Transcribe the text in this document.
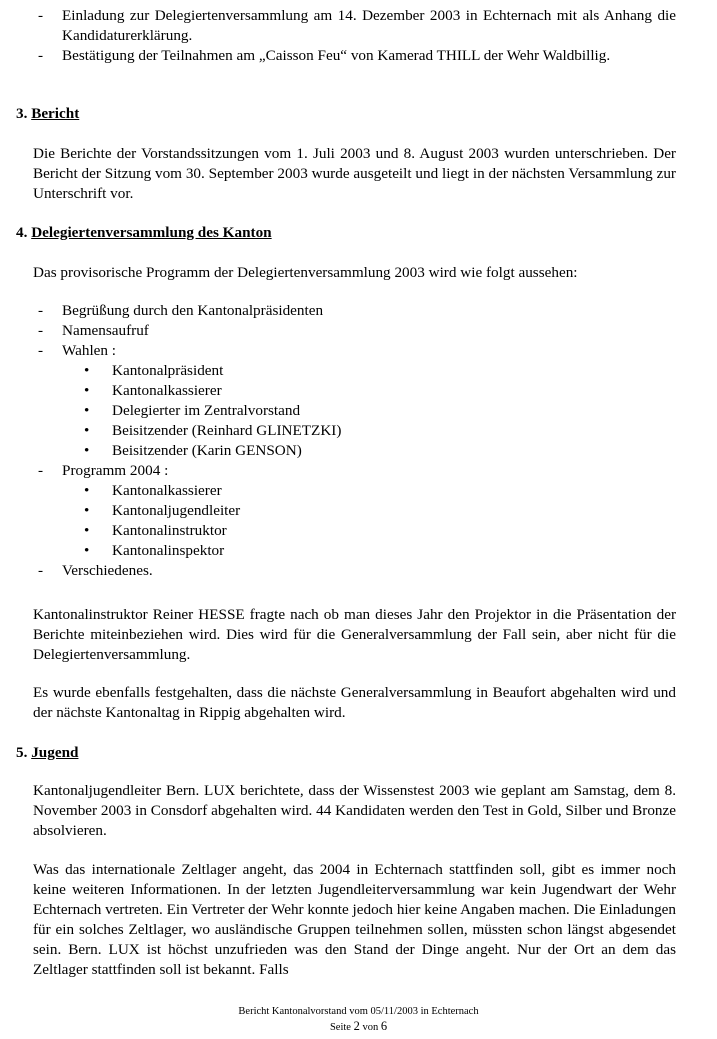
- Einladung zur Delegiertenversammlung am 14. Dezember 2003 in Echternach mit als Anhang die Kandidaturerklärung.
- Bestätigung der Teilnahmen am „Caisson Feu“ von Kamerad THILL der Wehr Waldbillig.
3. Bericht

Die Berichte der Vorstandssitzungen vom 1. Juli 2003 und 8. August 2003 wurden unterschrieben. Der Bericht der Sitzung vom 30. September 2003 wurde ausgeteilt und liegt in der nächsten Versammlung zur Unterschrift vor.

4. Delegiertenversammlung des Kanton

Das provisorische Programm der Delegiertenversammlung 2003 wird wie folgt aussehen:

- Begrüßung durch den Kantonalpräsidenten
- Namensaufruf
- Wahlen :
• Kantonalpräsident
• Kantonalkassierer
• Delegierter im Zentralvorstand
• Beisitzender (Reinhard GLINETZKI)
• Beisitzender (Karin GENSON)
- Programm 2004 :
• Kantonalkassierer
• Kantonaljugendleiter
• Kantonalinstruktor
• Kantonalinspektor
- Verschiedenes.

Kantonalinstruktor Reiner HESSE fragte nach ob man dieses Jahr den Projektor in die Präsentation der Berichte miteinbeziehen wird. Dies wird für die Generalversammlung der Fall sein, aber nicht für die Delegiertenversammlung.

Es wurde ebenfalls festgehalten, dass die nächste Generalversammlung in Beaufort abgehalten wird und der nächste Kantonaltag in Rippig abgehalten wird.

5. Jugend

Kantonaljugendleiter Bern. LUX berichtete, dass der Wissenstest 2003 wie geplant am Samstag, dem 8. November 2003 in Consdorf abgehalten wird. 44 Kandidaten werden den Test in Gold, Silber und Bronze absolvieren.

Was das internationale Zeltlager angeht, das 2004 in Echternach stattfinden soll, gibt es immer noch keine weiteren Informationen. In der letzten Jugendleiterversammlung war kein Jugendwart der Wehr Echternach vertreten. Ein Vertreter der Wehr konnte jedoch hier keine Angaben machen. Die Einladungen für ein solches Zeltlager, wo ausländische Gruppen teilnehmen sollen, müssten schon längst abgesendet sein. Bern. LUX ist höchst unzufrieden was den Stand der Dinge angeht. Nur der Ort an dem das Zeltlager stattfinden soll ist bekannt. Falls

Bericht Kantonalvorstand vom 05/11/2003 in Echternach
Seite 2 von 6
